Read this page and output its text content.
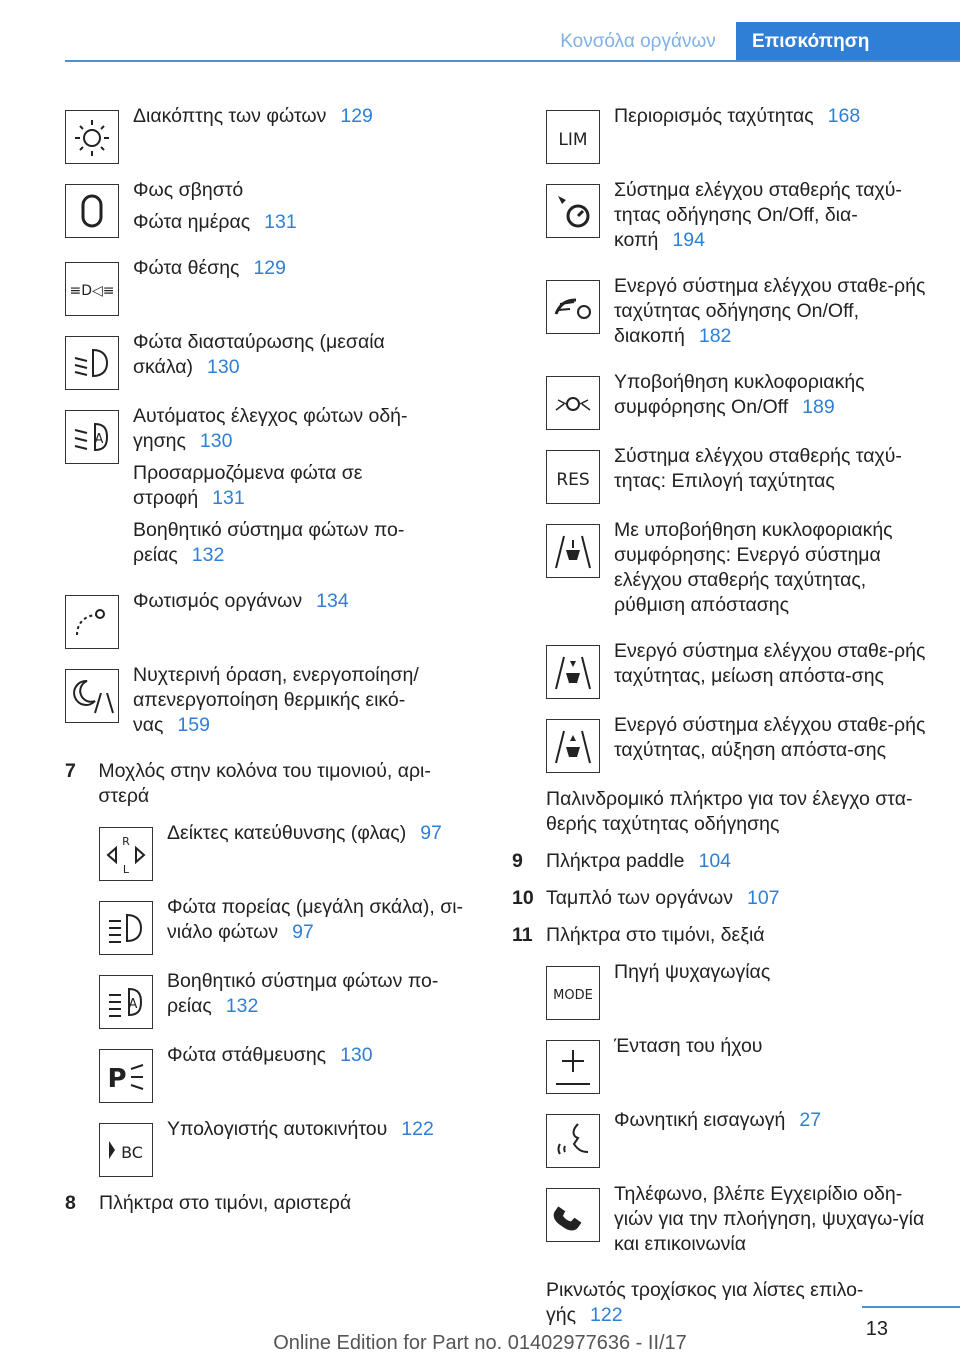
Κονσόλα οργάνων	Επισκόπηση

Διακόπτης των φώτων 129

Φως σβηστό

Φώτα ημέρας 131

≡D◁≡

Φώτα θέσης 129

Φώτα διασταύρωσης (μεσαία σκάλα) 130

A

Αυτόματος έλεγχος φώτων οδή-γησης 130

Προσαρμοζόμενα φώτα σε στροφή 131

Βοηθητικό σύστημα φώτων πο-ρείας 132

Φωτισμός οργάνων 134

Νυχτερινή όραση, ενεργοποίηση/ απενεργοποίηση θερμικής εικό-νας 159

7	Μοχλός στην κολόνα του τιμονιού, αρι-στερά
R
L

Δείκτες κατεύθυνσης (φλας) 97

Φώτα πορείας (μεγάλη σκάλα), σι-νιάλο φώτων 97

A

Βοηθητικό σύστημα φώτων πο-ρείας 132

P

Φώτα στάθμευσης 130

BC

Υπολογιστής αυτοκινήτου 122

8	Πλήκτρα στο τιμόνι, αριστερά
LIM

Περιορισμός ταχύτητας 168

Σύστημα ελέγχου σταθερής ταχύ-τητας οδήγησης On/Off, δια-κοπή 194

Ενεργό σύστημα ελέγχου σταθε-ρής ταχύτητας οδήγησης On/Off, διακοπή 182

Υποβοήθηση κυκλοφοριακής συμφόρησης On/Off 189

RES

Σύστημα ελέγχου σταθερής ταχύ-τητας: Επιλογή ταχύτητας

Με υποβοήθηση κυκλοφοριακής συμφόρησης: Ενεργό σύστημα ελέγχου σταθερής ταχύτητας, ρύθμιση απόστασης

Ενεργό σύστημα ελέγχου σταθε-ρής ταχύτητας, μείωση απόστα-σης

Ενεργό σύστημα ελέγχου σταθε-ρής ταχύτητας, αύξηση απόστα-σης

Παλινδρομικό πλήκτρο για τον έλεγχο στα-θερής ταχύτητας οδήγησης
9	Πλήκτρα paddle 104
10 Ταμπλό των οργάνων 107
11 Πλήκτρα στο τιμόνι, δεξιά
MODE

Πηγή ψυχαγωγίας

Ένταση του ήχου

Φωνητική εισαγωγή 27

Τηλέφωνο, βλέπε Εγχειρίδιο οδη-γιών για την πλοήγηση, ψυχαγω-γία και επικοινωνία

Ρικνωτός τροχίσκος για λίστες επιλο-γής 122
13
Online Edition for Part no. 01402977636 - II/17
